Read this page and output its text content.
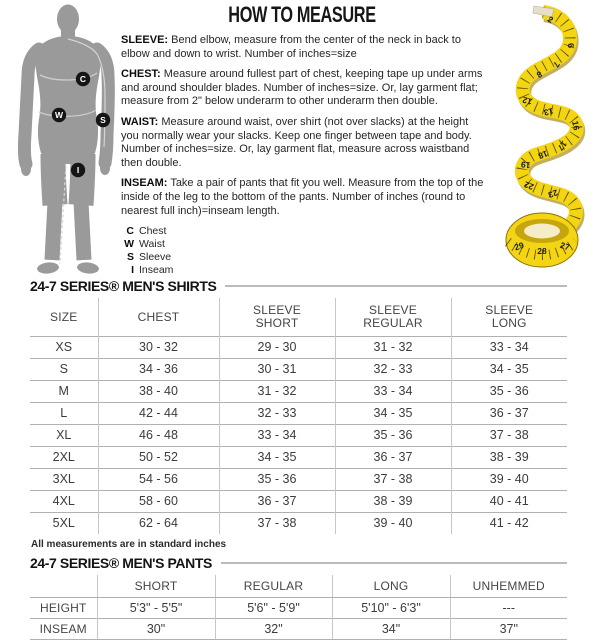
C
W	S
I
HOW TO MEASURE

SLEEVE: Bend elbow, measure from the center of the neck in back to elbow and down to wrist. Number of inches=size

CHEST: Measure around fullest part of chest, keeping tape up under arms and around shoulder blades. Number of inches=size. Or, lay garment flat; measure from 2" below underarm to other underarm then double.

WAIST: Measure around waist, over shirt (not over slacks) at the height you normally wear your slacks. Keep one finger between tape and body. Number of inches=size. Or, lay garment flat, measure across waistband then double.

INSEAM: Take a pair of pants that fit you well. Measure from the top of the inside of the leg to the bottom of the pants. Number of inches (round to nearest full inch)=inseam length.

C Chest
W Waist
S Sleeve
I Inseam
2
6
7
8
12
13
16
17
18
19
22
23
29 28 27
24-7 SERIES® MEN'S SHIRTS
SIZE	CHEST	SLEEVE SHORT	SLEEVE REGULAR	SLEEVE LONG
XS	30 - 32	29 - 30	31 - 32	33 - 34
S	34 - 36	30 - 31	32 - 33	34 - 35
M	38 - 40	31 - 32	33 - 34	35 - 36
L	42 - 44	32 - 33	34 - 35	36 - 37
XL	46 - 48	33 - 34	35 - 36	37 - 38
2XL	50 - 52	34 - 35	36 - 37	38 - 39
3XL	54 - 56	35 - 36	37 - 38	39 - 40
4XL	58 - 60	36 - 37	38 - 39	40 - 41
5XL	62 - 64	37 - 38	39 - 40	41 - 42
All measurements are in standard inches
24-7 SERIES® MEN'S PANTS
	SHORT	REGULAR	LONG	UNHEMMED
HEIGHT	5'3" - 5'5"	5'6" - 5'9"	5'10" - 6'3"	---
INSEAM	30"	32"	34"	37"
